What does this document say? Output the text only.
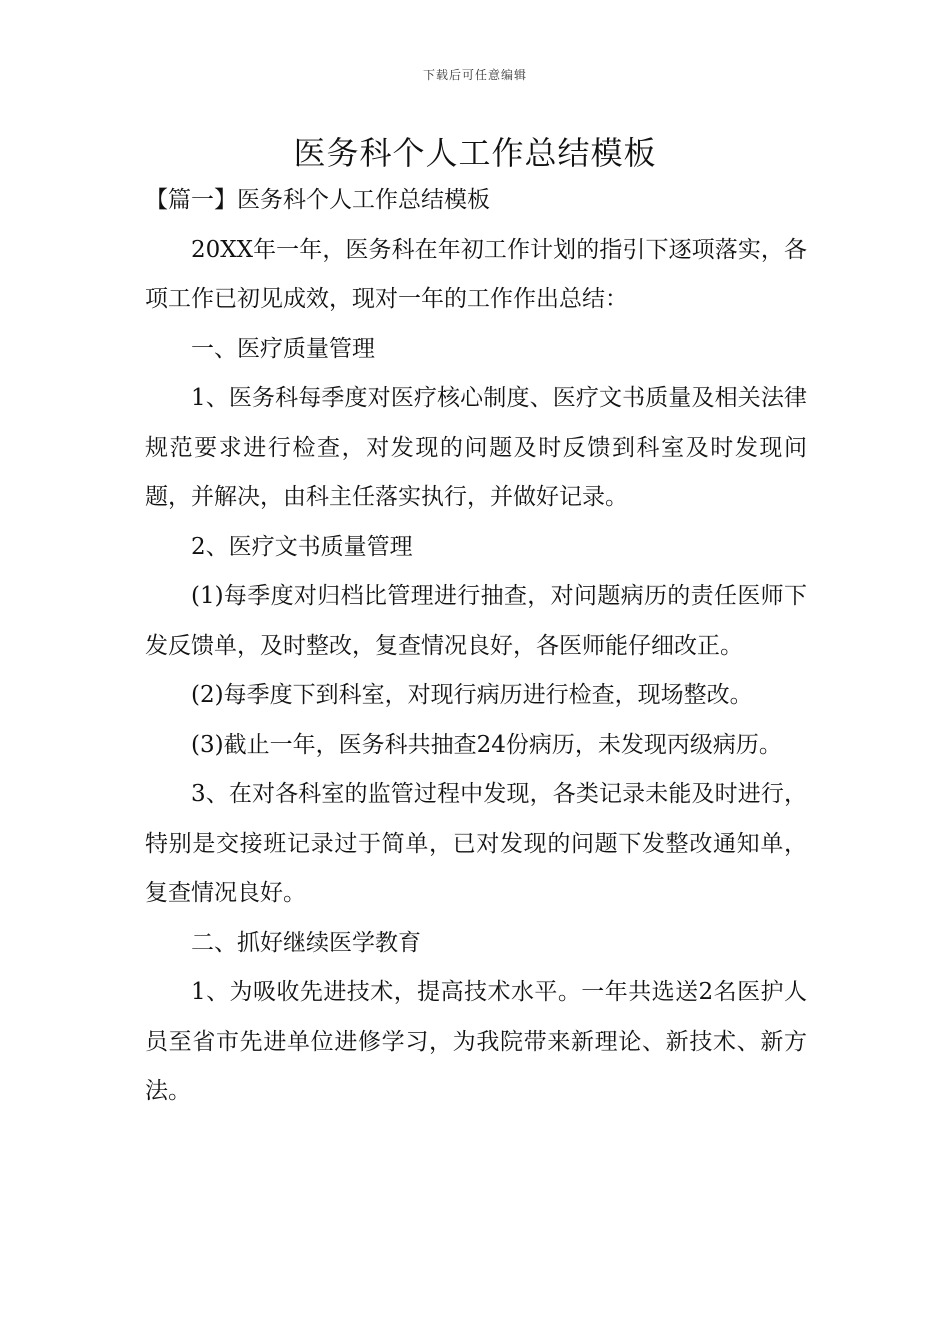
下载后可任意编辑
医务科个人工作总结模板

【篇一】医务科个人工作总结模板

20XX年一年，医务科在年初工作计划的指引下逐项落实，各项工作已初见成效，现对一年的工作作出总结：

一、医疗质量管理

1、医务科每季度对医疗核心制度、医疗文书质量及相关法律规范要求进行检查，对发现的问题及时反馈到科室及时发现问题，并解决，由科主任落实执行，并做好记录。

2、医疗文书质量管理

(1)每季度对归档比管理进行抽查，对问题病历的责任医师下发反馈单，及时整改，复查情况良好，各医师能仔细改正。

(2)每季度下到科室，对现行病历进行检查，现场整改。

(3)截止一年，医务科共抽查24份病历，未发现丙级病历。

3、在对各科室的监管过程中发现，各类记录未能及时进行，特别是交接班记录过于简单，已对发现的问题下发整改通知单，复查情况良好。

二、抓好继续医学教育

1、为吸收先进技术，提高技术水平。一年共选送2名医护人员至省市先进单位进修学习，为我院带来新理论、新技术、新方法。
